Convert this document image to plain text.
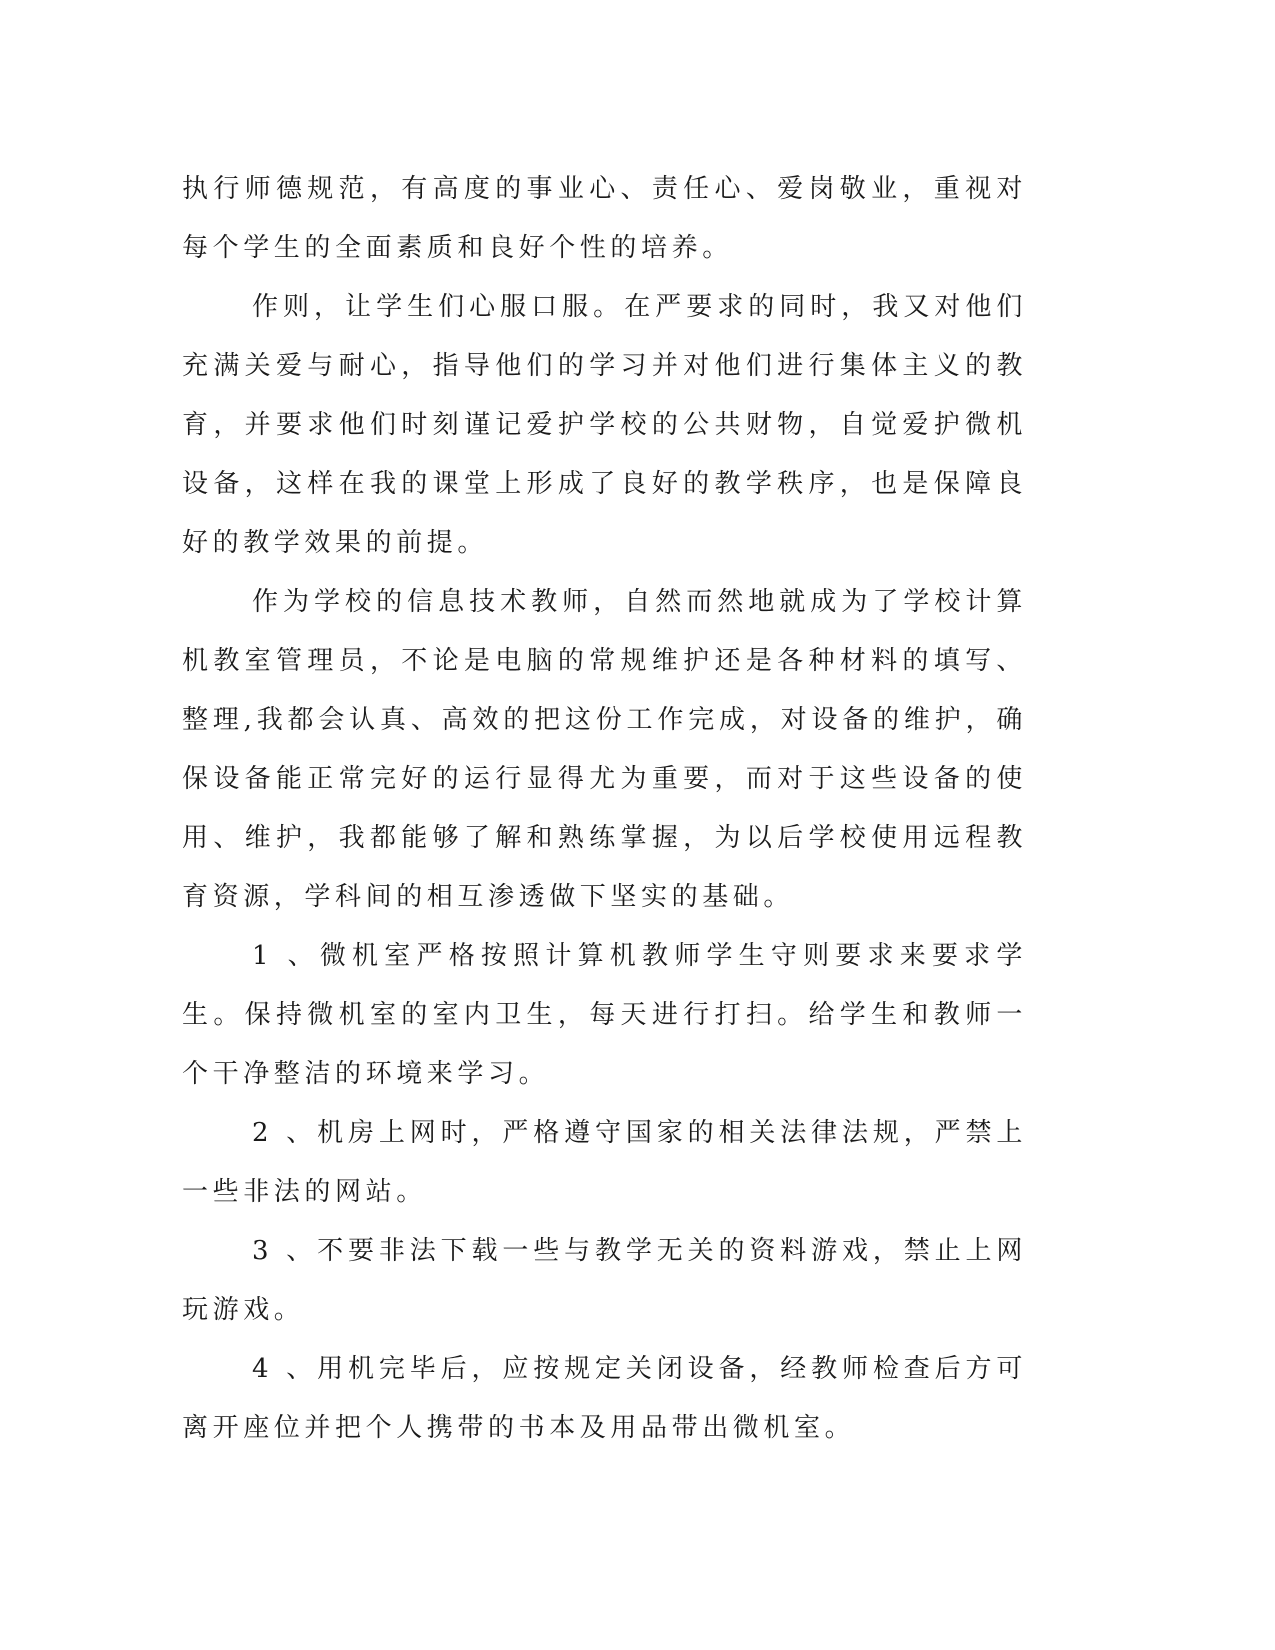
执行师德规范，有高度的事业心、责任心、爱岗敬业，重视对每个学生的全面素质和良好个性的培养。

作则，让学生们心服口服。在严要求的同时，我又对他们充满关爱与耐心，指导他们的学习并对他们进行集体主义的教育，并要求他们时刻谨记爱护学校的公共财物，自觉爱护微机设备，这样在我的课堂上形成了良好的教学秩序，也是保障良好的教学效果的前提。

作为学校的信息技术教师，自然而然地就成为了学校计算机教室管理员，不论是电脑的常规维护还是各种材料的填写、整理,我都会认真、高效的把这份工作完成，对设备的维护，确保设备能正常完好的运行显得尤为重要，而对于这些设备的使用、维护，我都能够了解和熟练掌握，为以后学校使用远程教育资源，学科间的相互渗透做下坚实的基础。

1 、微机室严格按照计算机教师学生守则要求来要求学生。保持微机室的室内卫生，每天进行打扫。给学生和教师一个干净整洁的环境来学习。

2 、机房上网时，严格遵守国家的相关法律法规，严禁上一些非法的网站。

3 、不要非法下载一些与教学无关的资料游戏，禁止上网玩游戏。

4 、用机完毕后，应按规定关闭设备，经教师检查后方可离开座位并把个人携带的书本及用品带出微机室。
